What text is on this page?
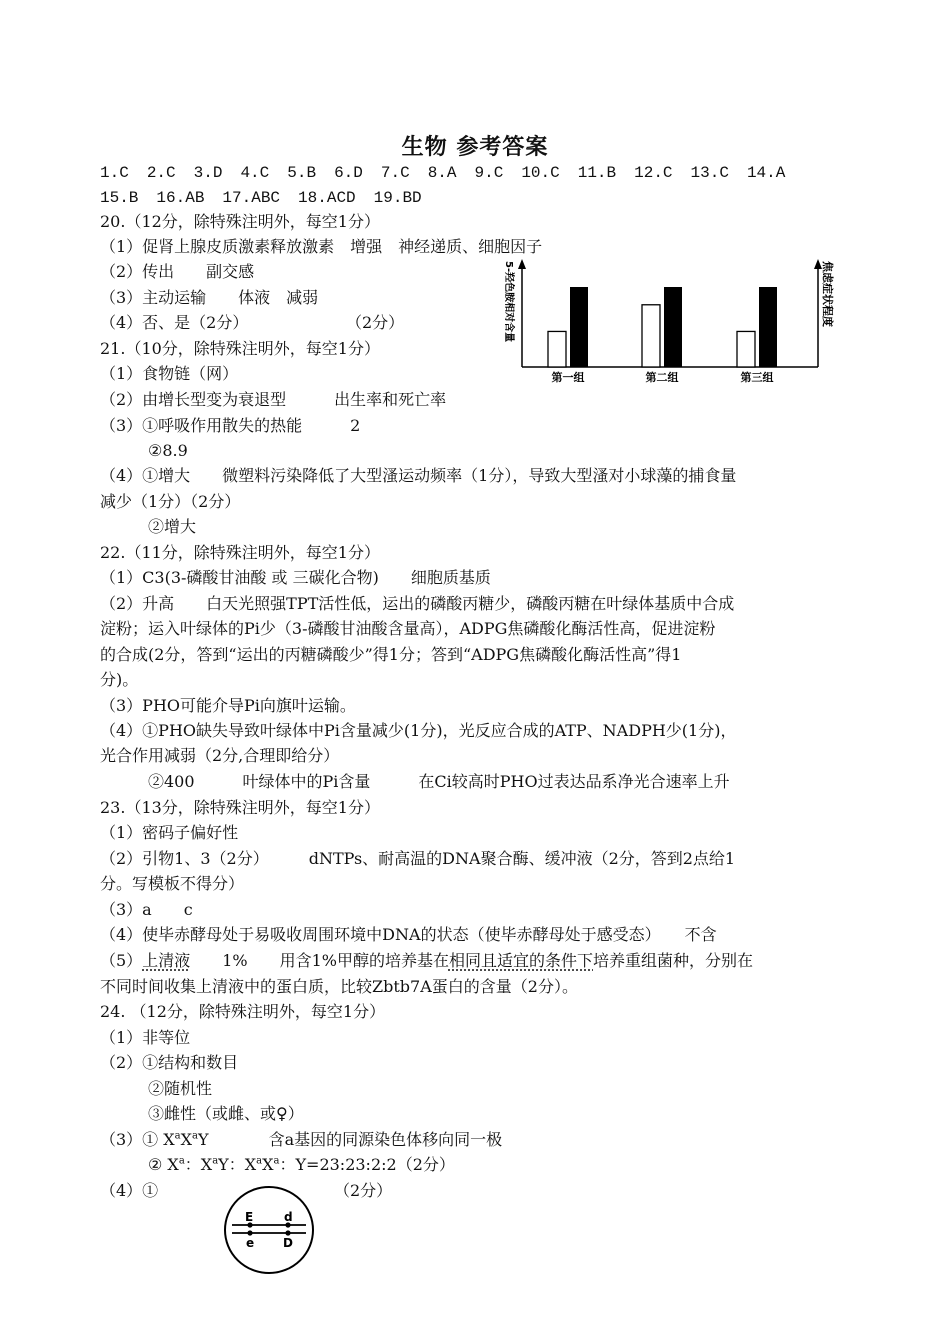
生物 参考答案
1.C 2.C 3.D 4.C 5.B 6.D 7.C 8.A 9.C 10.C 11.B 12.C 13.C 14.A
15.B 16.AB 17.ABC 18.ACD 19.BD
20.（12分，除特殊注明外，每空1分）
（1）促肾上腺皮质激素释放激素　增强　神经递质、细胞因子
（2）传出　　副交感
（3）主动运输　　体液　减弱
（4）否、是（2分）	（2分）	5-羟色胺相对含量	焦虑症状程度
第一组	第二组	第三组
21.（10分，除特殊注明外，每空1分）
（1）食物链（网）
（2）由增长型变为衰退型　　　出生率和死亡率
（3）①呼吸作用散失的热能　　　2
②8.9
（4）①增大　　微塑料污染降低了大型溞运动频率（1分），导致大型溞对小球藻的捕食量
减少（1分）（2分）
②增大
22.（11分，除特殊注明外，每空1分）
（1）C3(3-磷酸甘油酸 或 三碳化合物)　　细胞质基质
（2）升高　　白天光照强TPT活性低，运出的磷酸丙糖少，磷酸丙糖在叶绿体基质中合成
淀粉；运入叶绿体的Pi少（3-磷酸甘油酸含量高），ADPG焦磷酸化酶活性高，促进淀粉
的合成(2分，答到“运出的丙糖磷酸少”得1分；答到“ADPG焦磷酸化酶活性高”得1
分)。
（3）PHO可能介导Pi向旗叶运输。
（4）①PHO缺失导致叶绿体中Pi含量减少(1分)，光反应合成的ATP、NADPH少(1分)，
光合作用减弱（2分,合理即给分）
②400　　　叶绿体中的Pi含量　　　在Ci较高时PHO过表达品系净光合速率上升
23.（13分，除特殊注明外，每空1分）
（1）密码子偏好性
（2）引物1、3（2分）　　　dNTPs、耐高温的DNA聚合酶、缓冲液（2分，答到2点给1
分。写模板不得分）
（3）a　　c
（4）使毕赤酵母处于易吸收周围环境中DNA的状态（使毕赤酵母处于感受态）　　不含
（5）上清液　　1%　　用含1%甲醇的培养基在相同且适宜的条件下培养重组菌种，分别在
不同时间收集上清液中的蛋白质，比较Zbtb7A蛋白的含量（2分）。
24. （12分，除特殊注明外，每空1分）
（1）非等位
（2）①结构和数目
②随机性
③雌性（或雌、或♀）
（3）① $X^aX^aY$	含a基因的同源染色体移向同一极
② $X^a$：$X^aY$：$X^aX^a$：Y=23:23:2:2（2分）
（4）①	（2分）
E	d
e D
